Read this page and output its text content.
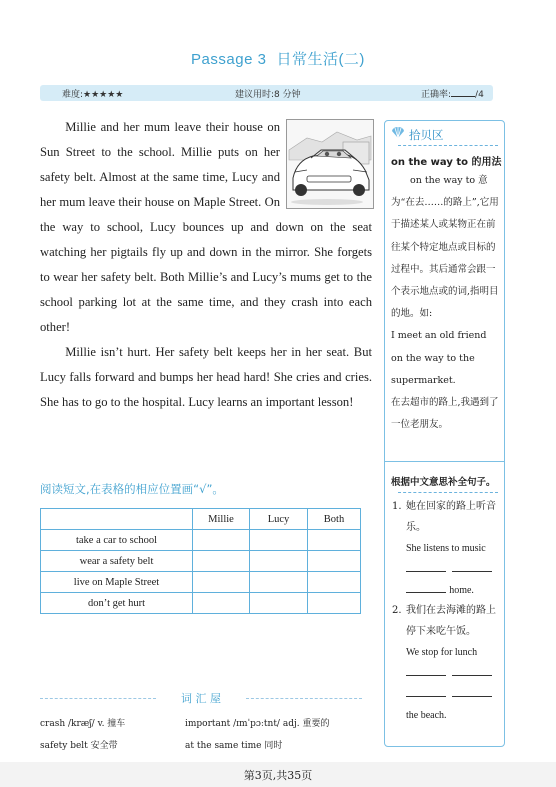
Passage 3 日常生活(二)
难度:★★★★★	建议用时:8 分钟	正确率:	/4

Millie and her mum leave their house on Sun Street to the school. Millie puts on her safety belt. Almost at the same time, Lucy and her mum leave their house on Maple Street. On the way to school, Lucy bounces up and down on the seat watching her pigtails fly up and down in the mirror. She forgets to wear her safety belt. Both Millie’s and Lucy’s mums get to the school parking lot at the same time, and they crash into each other!

Millie isn’t hurt. Her safety belt keeps her in her seat. But Lucy falls forward and bumps her head hard! She cries and cries. She has to go to the hospital. Lucy learns an important lesson!

阅读短文,在表格的相应位置画“√”。
	Millie	Lucy	Both
take a car to school			
wear a safety belt			
live on Maple Street			
don’t get hurt			
词 汇 屋
crash /kræʃ/ v. 撞车	important /ɪmˈpɔːtnt/ adj. 重要的
safety belt 安全带	at the same time 同时
拾贝区
on the way to 的用法

on the way to 意为“在去……的路上”,它用于描述某人或某物正在前往某个特定地点或目标的过程中。其后通常会跟一个表示地点或的词,指明目的地。如:

I meet an old friend on the way to the supermarket.

在去超市的路上,我遇到了一位老朋友。

根据中文意思补全句子。
1. 她在回家的路上听音乐。
She listens to music

home.
2. 我们在去海滩的路上停下来吃午饭。
We stop for lunch

the beach.
第3页,共35页
